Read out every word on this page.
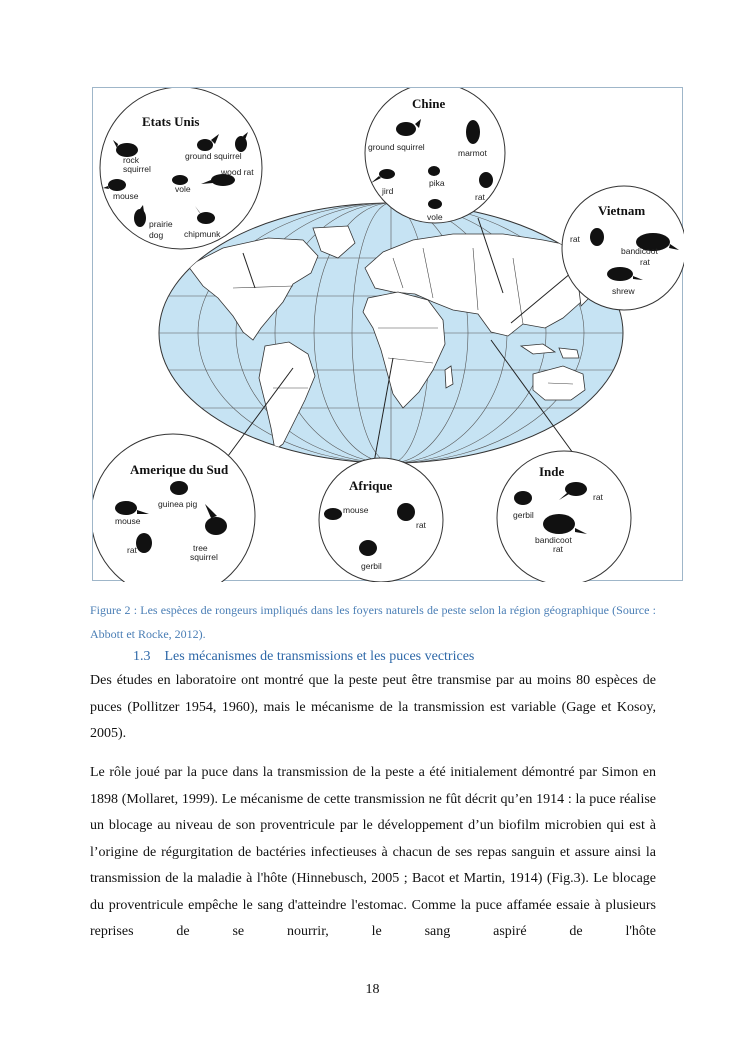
Etats Unis
rock
squirrel
ground squirrel
wood rat
vole
mouse
prairie
dog chipmunk
Chine
ground squirrel
marmot
pika
jird
rat
vole	Vietnam
rat
bandicoot
rat
shrew
Amerique du Sud
guinea pig
mouse
rat	tree
squirrel
Afrique
mouse
rat
gerbil
Inde
gerbil
rat
bandicoot
rat

Figure 2 : Les espèces de rongeurs impliqués dans les foyers naturels de peste selon la région géographique (Source : Abbott et Rocke, 2012).

1.3 Les mécanismes de transmissions et les puces vectrices

Des études en laboratoire ont montré que la peste peut être transmise par au moins 80 espèces de puces (Pollitzer 1954, 1960), mais le mécanisme de la transmission est variable (Gage et Kosoy, 2005).

Le rôle joué par la puce dans la transmission de la peste a été initialement démontré par Simon en 1898 (Mollaret, 1999). Le mécanisme de cette transmission ne fût décrit qu’en 1914 : la puce réalise un blocage au niveau de son proventricule par le développement d’un biofilm microbien qui est à l’origine de régurgitation de bactéries infectieuses à chacun de ses repas sanguin et assure ainsi la transmission de la maladie à l'hôte (Hinnebusch, 2005 ; Bacot et Martin, 1914) (Fig.3). Le blocage du proventricule empêche le sang d'atteindre l'estomac. Comme la puce affamée essaie à plusieurs reprises de se nourrir, le sang aspiré de l'hôte

18
